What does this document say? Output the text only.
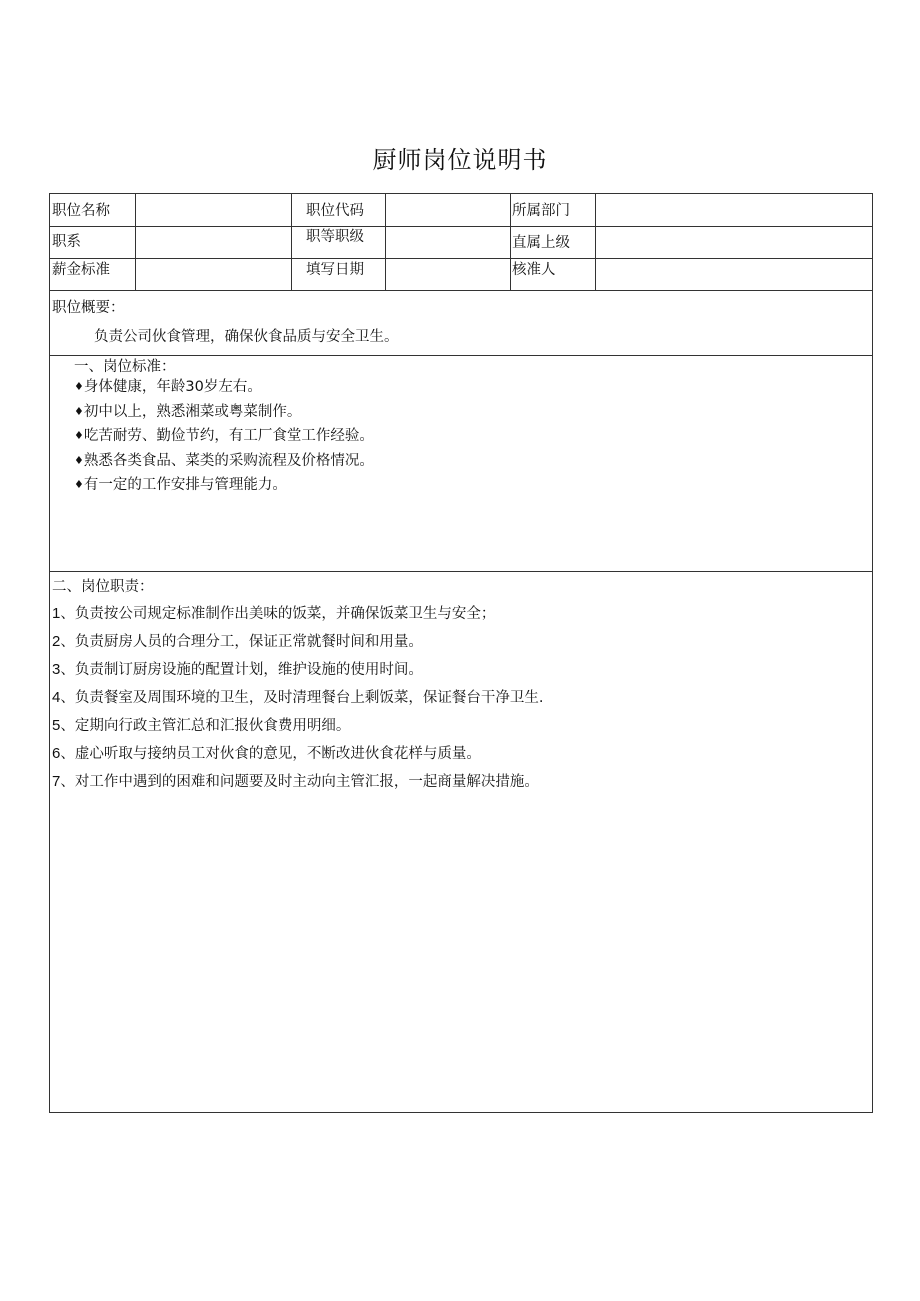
厨师岗位说明书
职位名称	职位代码	所属部门
职系	职等职级	直属上级
薪金标准	填写日期	核准人
职位概要：
负责公司伙食管理，确保伙食品质与安全卫生。
一、岗位标准：
♦身体健康，年龄30岁左右。
♦初中以上，熟悉湘菜或粤菜制作。
♦吃苦耐劳、勤俭节约，有工厂食堂工作经验。
♦熟悉各类食品、菜类的采购流程及价格情况。
♦有一定的工作安排与管理能力。
二、岗位职责：
1、负责按公司规定标准制作出美味的饭菜，并确保饭菜卫生与安全；
2、负责厨房人员的合理分工，保证正常就餐时间和用量。
3、负责制订厨房设施的配置计划，维护设施的使用时间。
4、负责餐室及周围环境的卫生，及时清理餐台上剩饭菜，保证餐台干净卫生.
5、定期向行政主管汇总和汇报伙食费用明细。
6、虚心听取与接纳员工对伙食的意见，不断改进伙食花样与质量。
7、对工作中遇到的困难和问题要及时主动向主管汇报，一起商量解决措施。
